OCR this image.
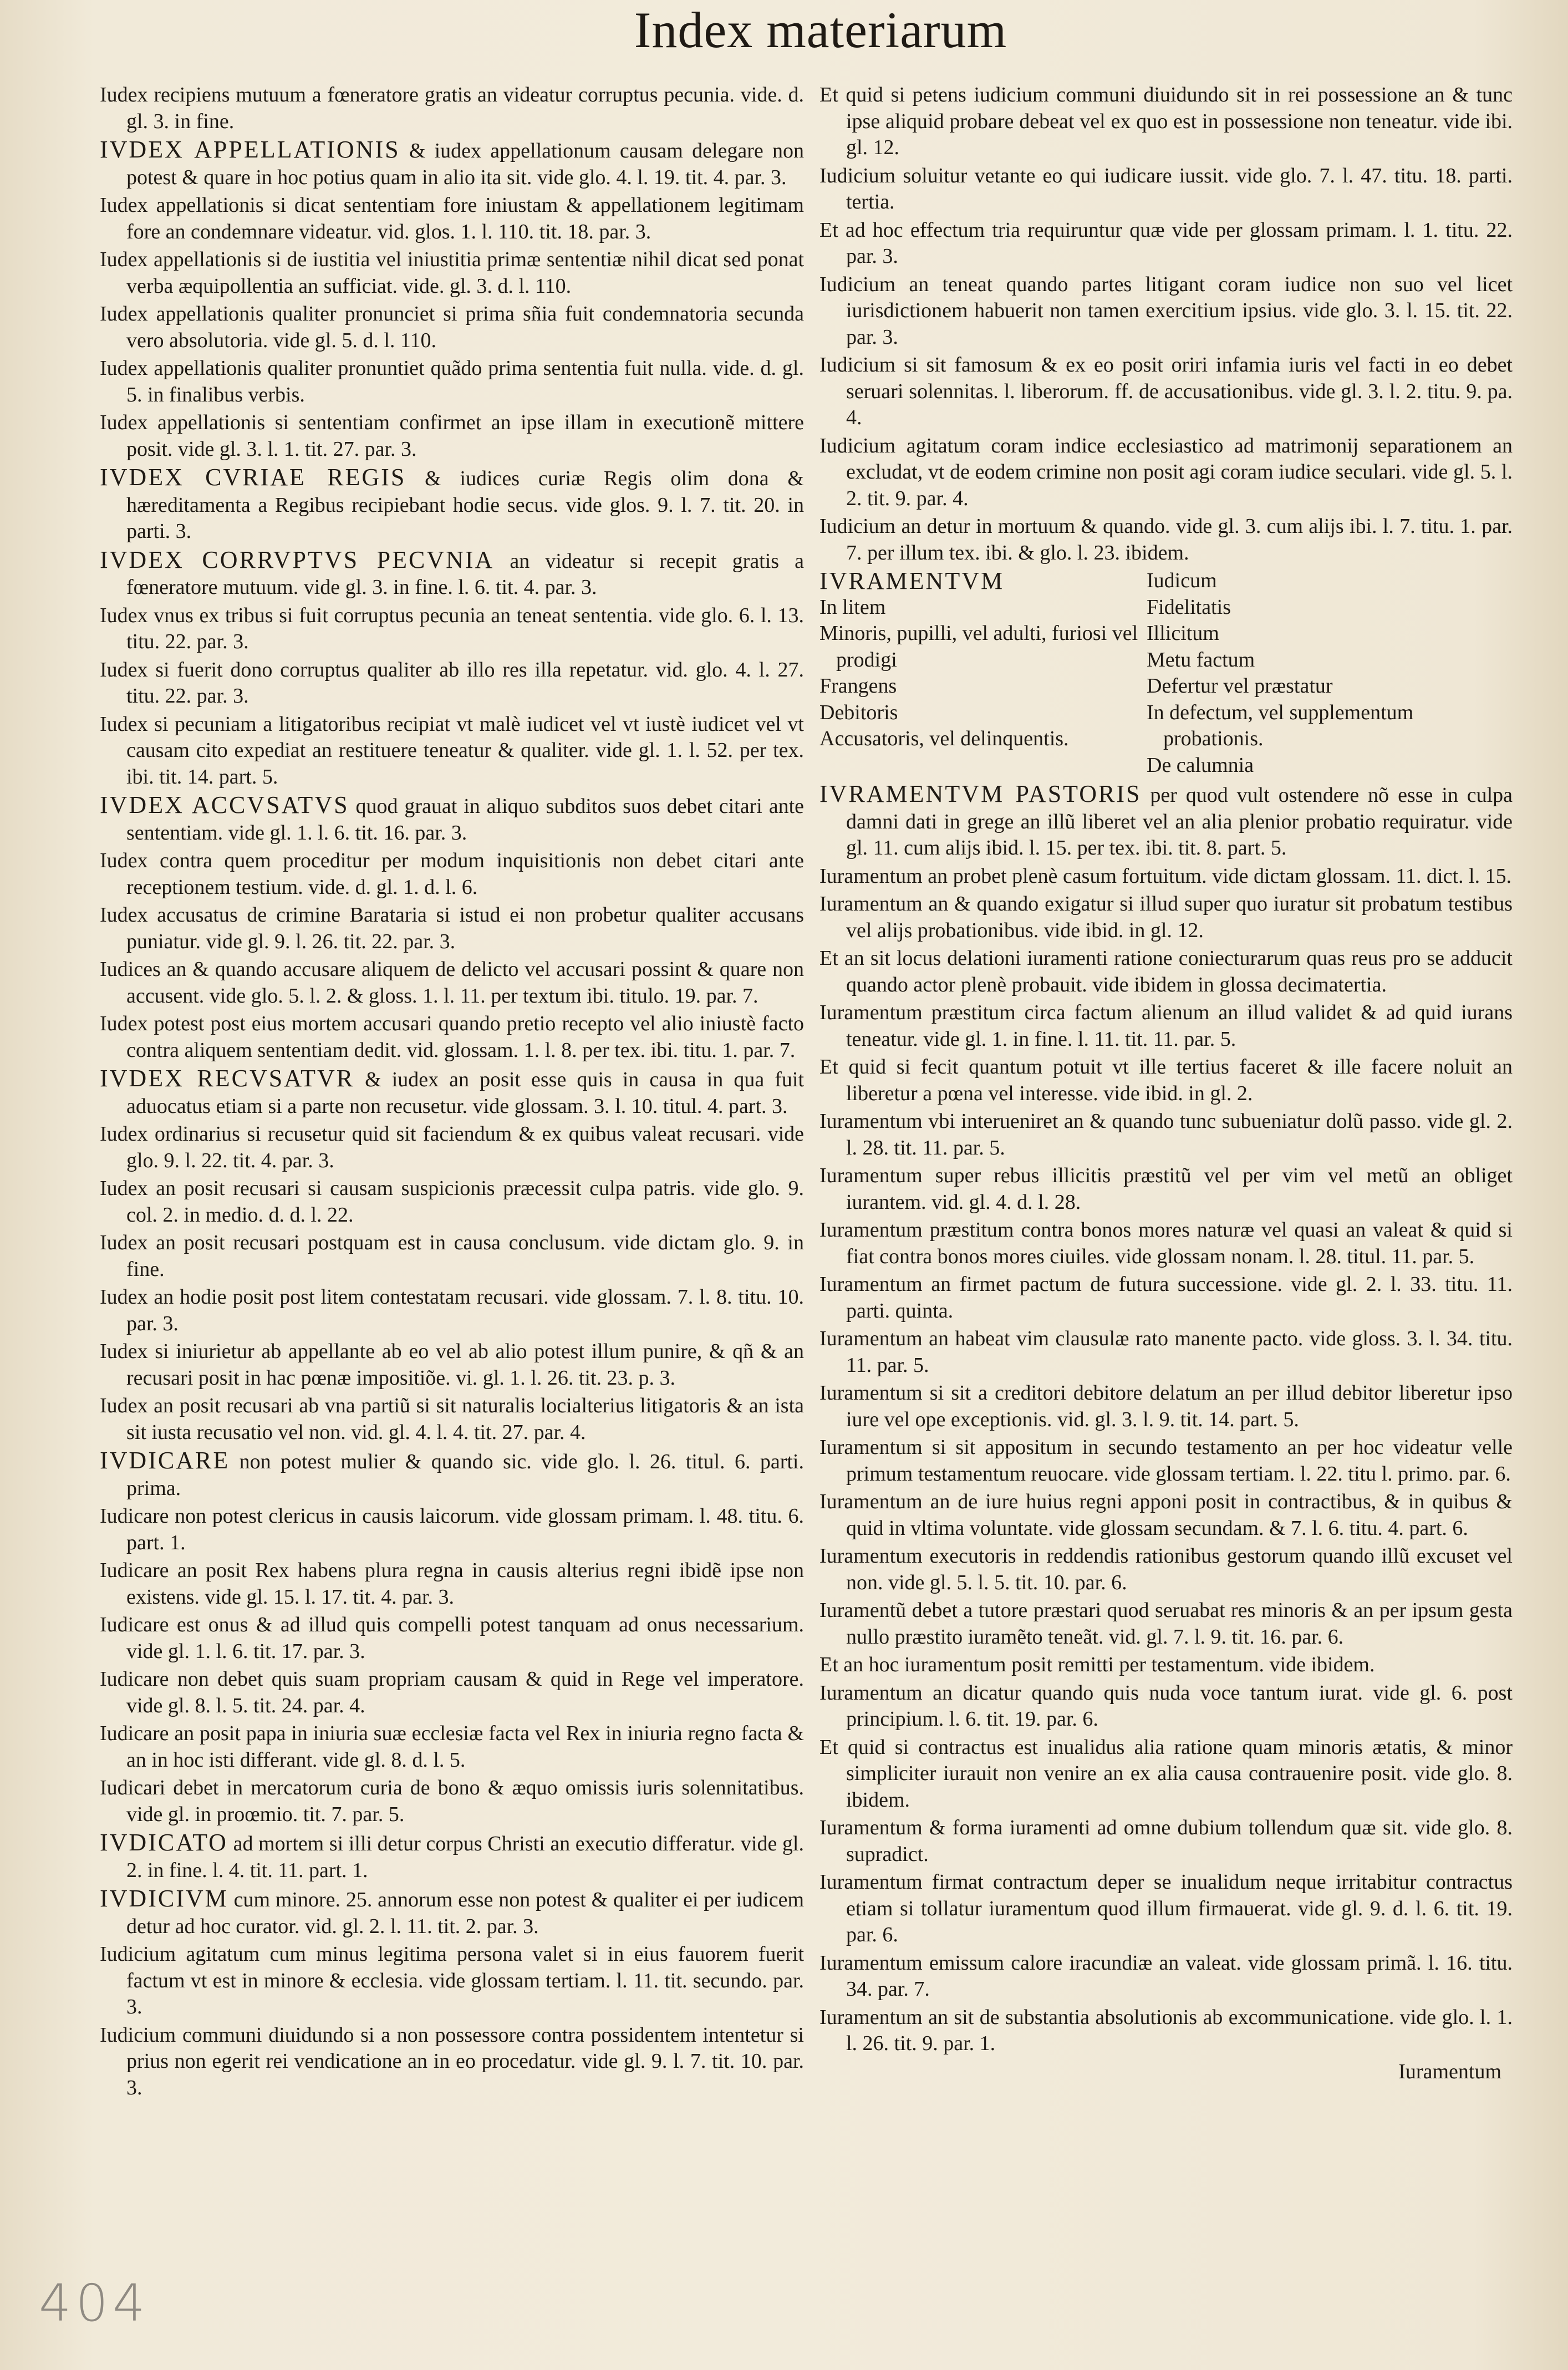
Index materiarum
Iudex recipiens mutuum a fœneratore gratis an videatur corruptus pecunia. vide. d. gl. 3. in fine.
IVDEX APPELLATIONIS & iudex appellationum causam delegare non potest & quare in hoc potius quam in alio ita sit. vide glo. 4. l. 19. tit. 4. par. 3.
Iudex appellationis si dicat sententiam fore iniustam & appellationem legitimam fore an condemnare videatur. vid. glos. 1. l. 110. tit. 18. par. 3.
Iudex appellationis si de iustitia vel iniustitia primæ sententiæ nihil dicat sed ponat verba æquipollentia an sufficiat. vide. gl. 3. d. l. 110.
Iudex appellationis qualiter pronunciet si prima sñia fuit condemnatoria secunda vero absolutoria. vide gl. 5. d. l. 110.
Iudex appellationis qualiter pronuntiet quãdo prima sententia fuit nulla. vide. d. gl. 5. in finalibus verbis.
Iudex appellationis si sententiam confirmet an ipse illam in executionẽ mittere posit. vide gl. 3. l. 1. tit. 27. par. 3.
IVDEX CVRIAE REGIS & iudices curiæ Regis olim dona & hæreditamenta a Regibus recipiebant hodie secus. vide glos. 9. l. 7. tit. 20. in parti. 3.
IVDEX CORRVPTVS PECVNIA an videatur si recepit gratis a fœneratore mutuum. vide gl. 3. in fine. l. 6. tit. 4. par. 3.
Iudex vnus ex tribus si fuit corruptus pecunia an teneat sententia. vide glo. 6. l. 13. titu. 22. par. 3.
Iudex si fuerit dono corruptus qualiter ab illo res illa repetatur. vid. glo. 4. l. 27. titu. 22. par. 3.
Iudex si pecuniam a litigatoribus recipiat vt malè iudicet vel vt iustè iudicet vel vt causam cito expediat an restituere teneatur & qualiter. vide gl. 1. l. 52. per tex. ibi. tit. 14. part. 5.
IVDEX ACCVSATVS quod grauat in aliquo subditos suos debet citari ante sententiam. vide gl. 1. l. 6. tit. 16. par. 3.
Iudex contra quem proceditur per modum inquisitionis non debet citari ante receptionem testium. vide. d. gl. 1. d. l. 6.
Iudex accusatus de crimine Barataria si istud ei non probetur qualiter accusans puniatur. vide gl. 9. l. 26. tit. 22. par. 3.
Iudices an & quando accusare aliquem de delicto vel accusari possint & quare non accusent. vide glo. 5. l. 2. & gloss. 1. l. 11. per textum ibi. titulo. 19. par. 7.
Iudex potest post eius mortem accusari quando pretio recepto vel alio iniustè facto contra aliquem sententiam dedit. vid. glossam. 1. l. 8. per tex. ibi. titu. 1. par. 7.
IVDEX RECVSATVR & iudex an posit esse quis in causa in qua fuit aduocatus etiam si a parte non recusetur. vide glossam. 3. l. 10. titul. 4. part. 3.
Iudex ordinarius si recusetur quid sit faciendum & ex quibus valeat recusari. vide glo. 9. l. 22. tit. 4. par. 3.
Iudex an posit recusari si causam suspicionis præcessit culpa patris. vide glo. 9. col. 2. in medio. d. d. l. 22.
Iudex an posit recusari postquam est in causa conclusum. vide dictam glo. 9. in fine.
Iudex an hodie posit post litem contestatam recusari. vide glossam. 7. l. 8. titu. 10. par. 3.
Iudex si iniurietur ab appellante ab eo vel ab alio potest illum punire, & qñ & an recusari posit in hac pœnæ impositiõe. vi. gl. 1. l. 26. tit. 23. p. 3.
Iudex an posit recusari ab vna partiũ si sit naturalis locialterius litigatoris & an ista sit iusta recusatio vel non. vid. gl. 4. l. 4. tit. 27. par. 4.
IVDICARE non potest mulier & quando sic. vide glo. l. 26. titul. 6. parti. prima.
Iudicare non potest clericus in causis laicorum. vide glossam primam. l. 48. titu. 6. part. 1.
Iudicare an posit Rex habens plura regna in causis alterius regni ibidẽ ipse non existens. vide gl. 15. l. 17. tit. 4. par. 3.
Iudicare est onus & ad illud quis compelli potest tanquam ad onus necessarium. vide gl. 1. l. 6. tit. 17. par. 3.
Iudicare non debet quis suam propriam causam & quid in Rege vel imperatore. vide gl. 8. l. 5. tit. 24. par. 4.
Iudicare an posit papa in iniuria suæ ecclesiæ facta vel Rex in iniuria regno facta & an in hoc isti differant. vide gl. 8. d. l. 5.
Iudicari debet in mercatorum curia de bono & æquo omissis iuris solennitatibus. vide gl. in proœmio. tit. 7. par. 5.
IVDICATO ad mortem si illi detur corpus Christi an executio differatur. vide gl. 2. in fine. l. 4. tit. 11. part. 1.
IVDICIVM cum minore. 25. annorum esse non potest & qualiter ei per iudicem detur ad hoc curator. vid. gl. 2. l. 11. tit. 2. par. 3.
Iudicium agitatum cum minus legitima persona valet si in eius fauorem fuerit factum vt est in minore & ecclesia. vide glossam tertiam. l. 11. tit. secundo. par. 3.
Iudicium communi diuidundo si a non possessore contra possidentem intentetur si prius non egerit rei vendicatione an in eo procedatur. vide gl. 9. l. 7. tit. 10. par. 3.
Et quid si petens iudicium communi diuidundo sit in rei possessione an & tunc ipse aliquid probare debeat vel ex quo est in possessione non teneatur. vide ibi. gl. 12.
Iudicium soluitur vetante eo qui iudicare iussit. vide glo. 7. l. 47. titu. 18. parti. tertia.
Et ad hoc effectum tria requiruntur quæ vide per glossam primam. l. 1. titu. 22. par. 3.
Iudicium an teneat quando partes litigant coram iudice non suo vel licet iurisdictionem habuerit non tamen exercitium ipsius. vide glo. 3. l. 15. tit. 22. par. 3.
Iudicium si sit famosum & ex eo posit oriri infamia iuris vel facti in eo debet seruari solennitas. l. liberorum. ff. de accusationibus. vide gl. 3. l. 2. titu. 9. pa. 4.
Iudicium agitatum coram indice ecclesiastico ad matrimonij separationem an excludat, vt de eodem crimine non posit agi coram iudice seculari. vide gl. 5. l. 2. tit. 9. par. 4.
Iudicium an detur in mortuum & quando. vide gl. 3. cum alijs ibi. l. 7. titu. 1. par. 7. per illum tex. ibi. & glo. l. 23. ibidem.
IVRAMENTVM
In litem
Minoris, pupilli, vel adulti, furiosi vel prodigi
Frangens
Debitoris
Accusatoris, vel delinquentis.
Iudicum
Fidelitatis
Illicitum
Metu factum
Defertur vel præstatur
In defectum, vel supplementum probationis.
De calumnia
IVRAMENTVM PASTORIS per quod vult ostendere nõ esse in culpa damni dati in grege an illũ liberet vel an alia plenior probatio requiratur. vide gl. 11. cum alijs ibid. l. 15. per tex. ibi. tit. 8. part. 5.
Iuramentum an probet plenè casum fortuitum. vide dictam glossam. 11. dict. l. 15.
Iuramentum an & quando exigatur si illud super quo iuratur sit probatum testibus vel alijs probationibus. vide ibid. in gl. 12.
Et an sit locus delationi iuramenti ratione coniecturarum quas reus pro se adducit quando actor plenè probauit. vide ibidem in glossa decimatertia.
Iuramentum præstitum circa factum alienum an illud validet & ad quid iurans teneatur. vide gl. 1. in fine. l. 11. tit. 11. par. 5.
Et quid si fecit quantum potuit vt ille tertius faceret & ille facere noluit an liberetur a pœna vel interesse. vide ibid. in gl. 2.
Iuramentum vbi interueniret an & quando tunc subueniatur dolũ passo. vide gl. 2. l. 28. tit. 11. par. 5.
Iuramentum super rebus illicitis præstitũ vel per vim vel metũ an obliget iurantem. vid. gl. 4. d. l. 28.
Iuramentum præstitum contra bonos mores naturæ vel quasi an valeat & quid si fiat contra bonos mores ciuiles. vide glossam nonam. l. 28. titul. 11. par. 5.
Iuramentum an firmet pactum de futura successione. vide gl. 2. l. 33. titu. 11. parti. quinta.
Iuramentum an habeat vim clausulæ rato manente pacto. vide gloss. 3. l. 34. titu. 11. par. 5.
Iuramentum si sit a creditori debitore delatum an per illud debitor liberetur ipso iure vel ope exceptionis. vid. gl. 3. l. 9. tit. 14. part. 5.
Iuramentum si sit appositum in secundo testamento an per hoc videatur velle primum testamentum reuocare. vide glossam tertiam. l. 22. titu l. primo. par. 6.
Iuramentum an de iure huius regni apponi posit in contractibus, & in quibus & quid in vltima voluntate. vide glossam secundam. & 7. l. 6. titu. 4. part. 6.
Iuramentum executoris in reddendis rationibus gestorum quando illũ excuset vel non. vide gl. 5. l. 5. tit. 10. par. 6.
Iuramentũ debet a tutore præstari quod seruabat res minoris & an per ipsum gesta nullo præstito iuramẽto teneãt. vid. gl. 7. l. 9. tit. 16. par. 6.
Et an hoc iuramentum posit remitti per testamentum. vide ibidem.
Iuramentum an dicatur quando quis nuda voce tantum iurat. vide gl. 6. post principium. l. 6. tit. 19. par. 6.
Et quid si contractus est inualidus alia ratione quam minoris ætatis, & minor simpliciter iurauit non venire an ex alia causa contrauenire posit. vide glo. 8. ibidem.
Iuramentum & forma iuramenti ad omne dubium tollendum quæ sit. vide glo. 8. supradict.
Iuramentum firmat contractum deper se inualidum neque irritabitur contractus etiam si tollatur iuramentum quod illum firmauerat. vide gl. 9. d. l. 6. tit. 19. par. 6.
Iuramentum emissum calore iracundiæ an valeat. vide glossam primã. l. 16. titu. 34. par. 7.
Iuramentum an sit de substantia absolutionis ab excommunicatione. vide glo. l. 1. l. 26. tit. 9. par. 1.
Iuramentum
404
